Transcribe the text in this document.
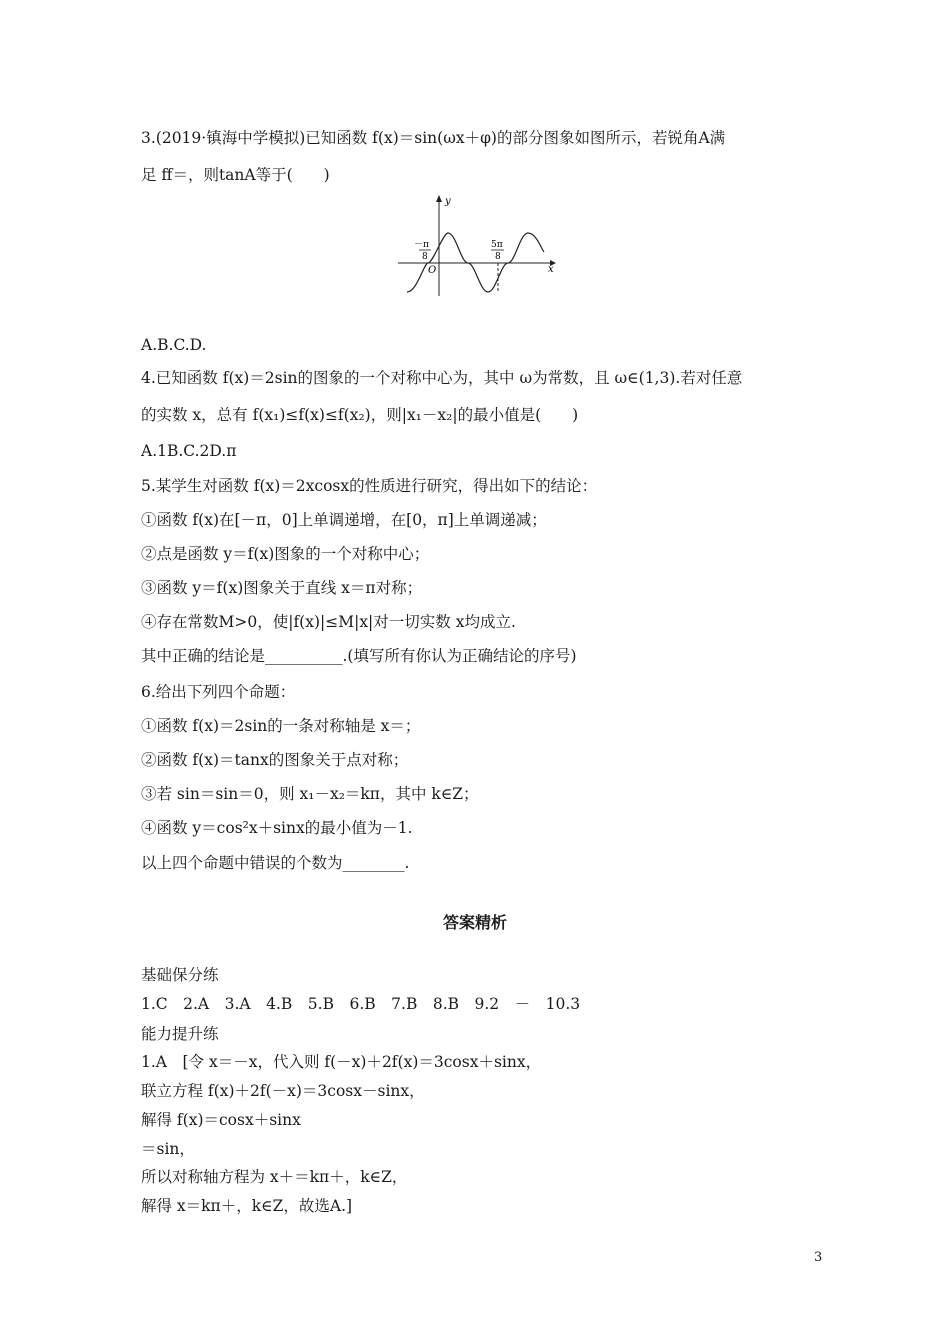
3.(2019·镇海中学模拟)已知函数 f(x)＝sin(ωx＋φ)的部分图象如图所示，若锐角A满
足 ff＝，则tanA等于(　　)
y
x
O
－π
8
5π
8
A.B.C.D.
4.已知函数 f(x)＝2sin的图象的一个对称中心为，其中 ω为常数，且 ω∈(1,3).若对任意
的实数 x，总有 f(x₁)≤f(x)≤f(x₂)，则|x₁－x₂|的最小值是(　　)
A.1B.C.2D.π
5.某学生对函数 f(x)＝2xcosx的性质进行研究，得出如下的结论：
①函数 f(x)在[－π，0]上单调递增，在[0，π]上单调递减；
②点是函数 y＝f(x)图象的一个对称中心；
③函数 y＝f(x)图象关于直线 x＝π对称；
④存在常数M>0，使|f(x)|≤M|x|对一切实数 x均成立.
其中正确的结论是__________.(填写所有你认为正确结论的序号)
6.给出下列四个命题：
①函数 f(x)＝2sin的一条对称轴是 x＝；
②函数 f(x)＝tanx的图象关于点对称；
③若 sin＝sin＝0，则 x₁－x₂＝kπ，其中 k∈Z；
④函数 y＝cos²x＋sinx的最小值为－1.
以上四个命题中错误的个数为________.
答案精析
基础保分练
1.C　2.A　3.A　4.B　5.B　6.B　7.B　8.B　9.2　－　10.3
能力提升练
1.A　[令 x＝－x，代入则 f(－x)＋2f(x)＝3cosx＋sinx，
联立方程 f(x)＋2f(－x)＝3cosx－sinx，
解得 f(x)＝cosx＋sinx
＝sin，
所以对称轴方程为 x＋＝kπ＋，k∈Z，
解得 x＝kπ＋，k∈Z，故选A.]
3
